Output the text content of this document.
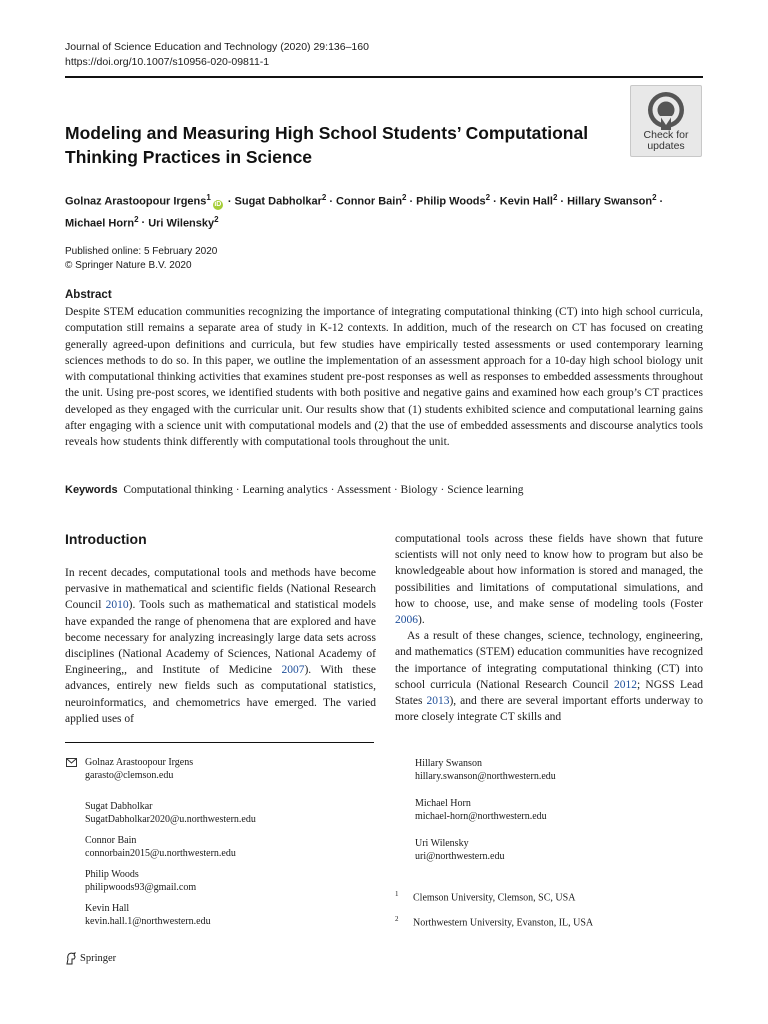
Journal of Science Education and Technology (2020) 29:136–160
https://doi.org/10.1007/s10956-020-09811-1
Check for
updates
Modeling and Measuring High School Students’ Computational Thinking Practices in Science
Golnaz Arastoopour Irgens$^1$iD · Sugat Dabholkar$^2$ · Connor Bain$^2$ · Philip Woods$^2$ · Kevin Hall$^2$ · Hillary Swanson$^2$ ·
Michael Horn$^2$ · Uri Wilensky$^2$
Published online: 5 February 2020
© Springer Nature B.V. 2020
Abstract
Despite STEM education communities recognizing the importance of integrating computational thinking (CT) into high school curricula, computation still remains a separate area of study in K-12 contexts. In addition, much of the research on CT has focused on creating generally agreed-upon definitions and curricula, but few studies have empirically tested assessments or used contemporary learning sciences methods to do so. In this paper, we outline the implementation of an assessment approach for a 10-day high school biology unit with computational thinking activities that examines student pre-post responses as well as responses to embedded assessments throughout the unit. Using pre-post scores, we identified students with both positive and negative gains and examined how each group’s CT practices developed as they engaged with the curricular unit. Our results show that (1) students exhibited science and computational learning gains after engaging with a science unit with computational models and (2) that the use of embedded assessments and discourse analytics tools reveals how students think differently with computational tools throughout the unit.
Keywords Computational thinking · Learning analytics · Assessment · Biology · Science learning
Introduction

In recent decades, computational tools and methods have become pervasive in mathematical and scientific fields (National Research Council 2010). Tools such as mathematical and statistical models have expanded the range of phenomena that are explored and have become necessary for analyzing increasingly large data sets across disciplines (National Academy of Sciences, National Academy of Engineering,, and Institute of Medicine 2007). With these advances, entirely new fields such as computational statistics, neuroinformatics, and chemometrics have emerged. The varied applied uses of

computational tools across these fields have shown that future scientists will not only need to know how to program but also be knowledgeable about how information is stored and managed, the possibilities and limitations of computational simulations, and how to choose, use, and make sense of modeling tools (Foster 2006).

As a result of these changes, science, technology, engineering, and mathematics (STEM) education communities have recognized the importance of integrating computational thinking (CT) into school curricula (National Research Council 2012; NGSS Lead States 2013), and there are several important efforts underway to more closely integrate CT skills and

Golnaz Arastoopour Irgens
garasto@clemson.edu
Sugat Dabholkar
SugatDabholkar2020@u.northwestern.edu
Connor Bain
connorbain2015@u.northwestern.edu
Philip Woods
philipwoods93@gmail.com
Kevin Hall
kevin.hall.1@northwestern.edu
Hillary Swanson
hillary.swanson@northwestern.edu
Michael Horn
michael-horn@northwestern.edu
Uri Wilensky
uri@northwestern.edu
$^1$ Clemson University, Clemson, SC, USA
$^2$ Northwestern University, Evanston, IL, USA
Springer
